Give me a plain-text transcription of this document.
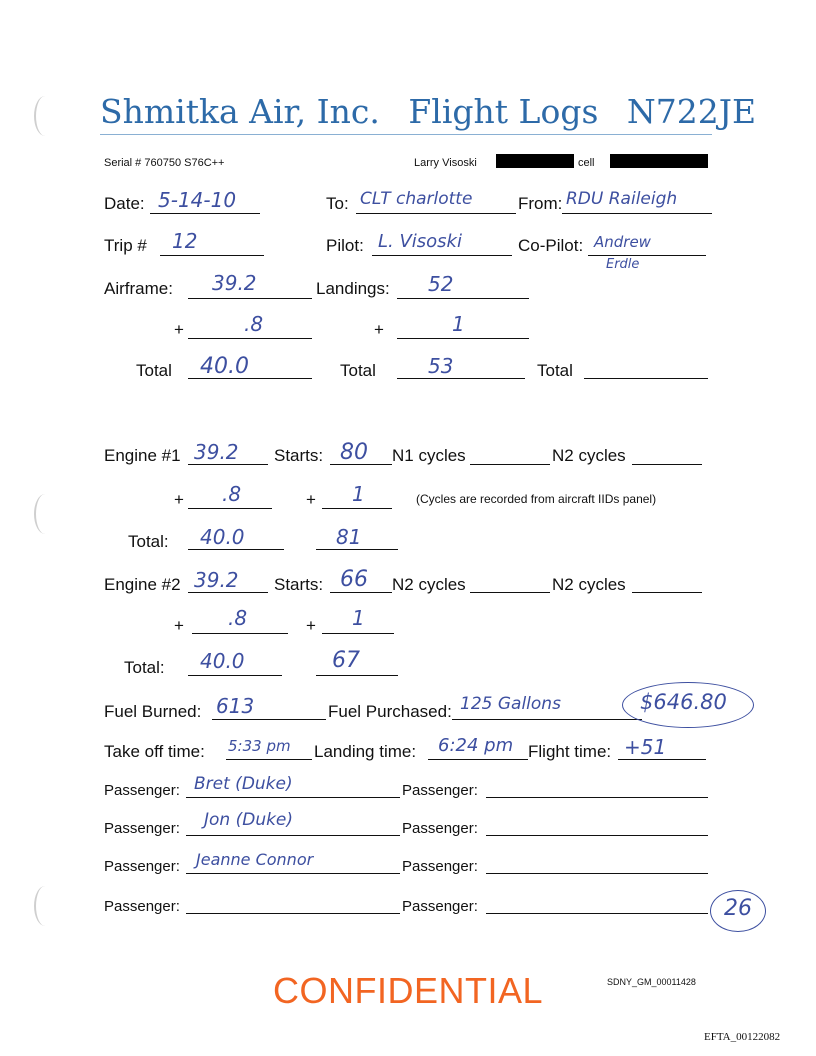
Shmitka Air, Inc. Flight Logs N722JE
Serial # 760750 S76C++	Larry Visoski	cell
Date: 5-14-10	To: CLT charlotte	From: RDU Raileigh
Trip # 12	Pilot: L. Visoski	Co-Pilot: Andrew
Erdle
Airframe: 39.2	Landings: 52
+	.8	+	1
Total 40.0	Total	53	Total
Engine #1 39.2 Starts: 80 N1 cycles	N2 cycles
+ .8	+ 1	(Cycles are recorded from aircraft IIDs panel)
Total: 40.0	81
Engine #2 39.2 Starts: 66 N2 cycles	N2 cycles
+ .8	+ 1
Total: 40.0	67
Fuel Burned: 613	Fuel Purchased: 125 Gallons	$646.80
Take off time: 5:33 pm Landing time: 6:24 pm Flight time: +51
Passenger: Bret (Duke)	Passenger:
Passenger: Jon (Duke)	Passenger:
Passenger: Jeanne Connor	Passenger:
Passenger:	Passenger:	26
SDNY_GM_00011428
CONFIDENTIAL
EFTA_00122082
